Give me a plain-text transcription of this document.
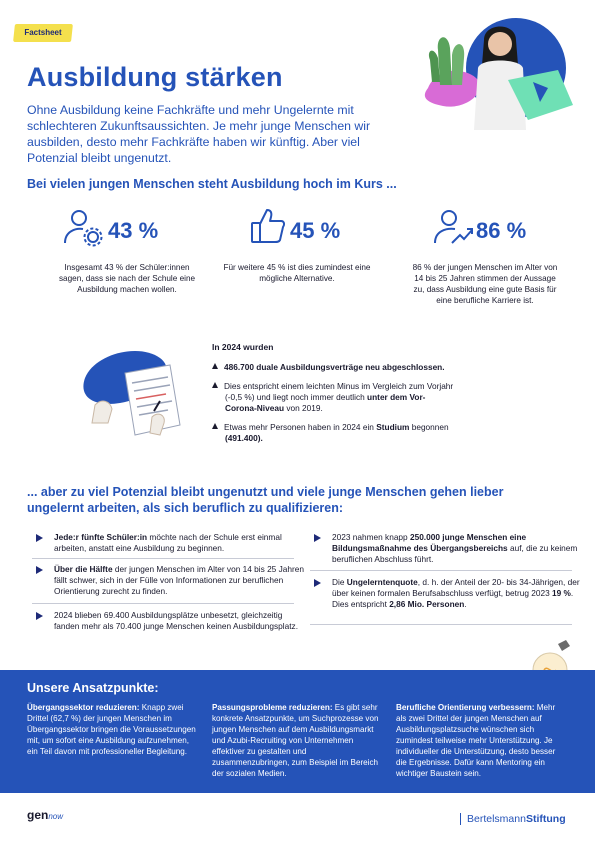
Factsheet
Ausbildung stärken
Ohne Ausbildung keine Fachkräfte und mehr Ungelernte mit schlechteren Zukunftsaussichten. Je mehr junge Menschen wir ausbilden, desto mehr Fachkräfte haben wir künftig. Aber viel Potenzial bleibt ungenutzt.
Bei vielen jungen Menschen steht Ausbildung hoch im Kurs ...
43 %
Insgesamt 43 % der Schüler:innen sagen, dass sie nach der Schule eine Ausbildung machen wollen.
45 %
Für weitere 45 % ist dies zumindest eine mögliche Alternative.
86 %
86 % der jungen Menschen im Alter von 14 bis 25 Jahren stimmen der Aussage zu, dass Ausbildung eine gute Basis für eine berufliche Karriere ist.
In 2024 wurden
486.700 duale Ausbildungsverträge neu abgeschlossen.
Dies entspricht einem leichten Minus im Vergleich zum Vorjahr (-0,5 %) und liegt noch immer deutlich unter dem Vor-Corona-Niveau von 2019.
Etwas mehr Personen haben in 2024 ein Studium begonnen (491.400).
... aber zu viel Potenzial bleibt ungenutzt und viele junge Menschen gehen lieber
ungelernt arbeiten, als sich beruflich zu qualifizieren:
Jede:r fünfte Schüler:in möchte nach der Schule erst einmal arbeiten, anstatt eine Ausbildung zu beginnen.
Über die Hälfte der jungen Menschen im Alter von 14 bis 25 Jahren fällt schwer, sich in der Fülle von Informationen zur beruflichen Orientierung zurecht zu finden.
2024 blieben 69.400 Ausbildungsplätze unbesetzt, gleichzeitig fanden mehr als 70.400 junge Menschen keinen Ausbildungsplatz.
2023 nahmen knapp 250.000 junge Menschen eine Bildungsmaßnahme des Übergangsbereichs auf, die zu keinem beruflichen Abschluss führt.
Die Ungelerntenquote, d. h. der Anteil der 20- bis 34-Jährigen, der über keinen formalen Berufsabschluss verfügt, betrug 2023 19 %. Dies entspricht 2,86 Mio. Personen.
Unsere Ansatzpunkte:
Übergangssektor reduzieren: Knapp zwei Drittel (62,7 %) der jungen Menschen im Übergangssektor bringen die Voraussetzungen mit, um sofort eine Ausbildung aufzunehmen, ein Teil davon mit professioneller Begleitung.
Passungsprobleme reduzieren: Es gibt sehr konkrete Ansatzpunkte, um Suchprozesse von jungen Menschen auf dem Ausbildungsmarkt und Azubi-Recruiting von Unternehmen effektiver zu gestalten und zusammenzubringen, zum Beispiel im Bereich der sozialen Medien.
Berufliche Orientierung verbessern: Mehr als zwei Drittel der jungen Menschen auf Ausbildungsplatzsuche wünschen sich zumindest teilweise mehr Unterstützung. Je individueller die Unterstützung, desto besser die Ergebnisse. Dafür kann Mentoring ein wichtiger Baustein sein.
gennow	BertelsmannStiftung
